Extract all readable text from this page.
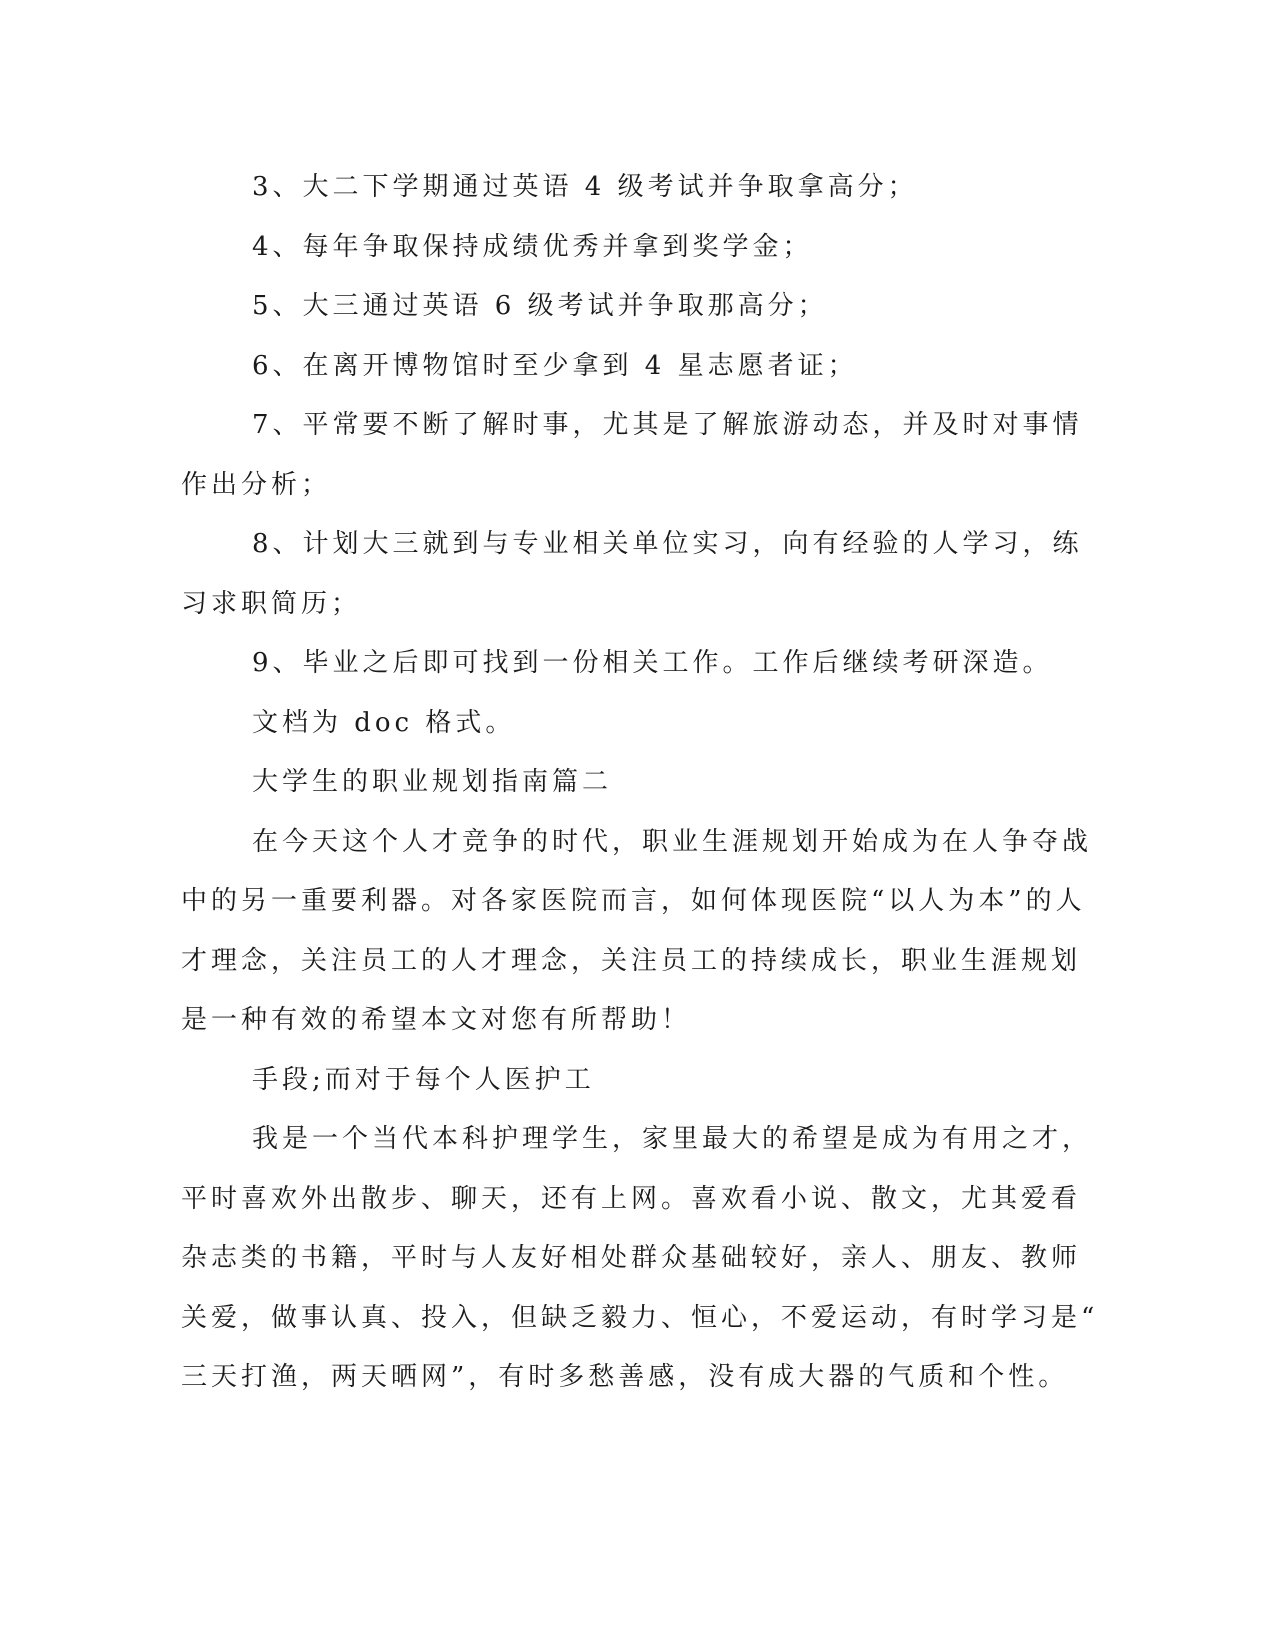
3、大二下学期通过英语 4 级考试并争取拿高分；

4、每年争取保持成绩优秀并拿到奖学金；

5、大三通过英语 6 级考试并争取那高分；

6、在离开博物馆时至少拿到 4 星志愿者证；

7、平常要不断了解时事，尤其是了解旅游动态，并及时对事情

作出分析；

8、计划大三就到与专业相关单位实习，向有经验的人学习，练

习求职简历；

9、毕业之后即可找到一份相关工作。工作后继续考研深造。

文档为 doc 格式。

大学生的职业规划指南篇二

在今天这个人才竞争的时代，职业生涯规划开始成为在人争夺战

中的另一重要利器。对各家医院而言，如何体现医院“以人为本”的人

才理念，关注员工的人才理念，关注员工的持续成长，职业生涯规划

是一种有效的希望本文对您有所帮助！

手段;而对于每个人医护工

我是一个当代本科护理学生，家里最大的希望是成为有用之才，

平时喜欢外出散步、聊天，还有上网。喜欢看小说、散文，尤其爱看

杂志类的书籍，平时与人友好相处群众基础较好，亲人、朋友、教师

关爱，做事认真、投入，但缺乏毅力、恒心，不爱运动，有时学习是“

三天打渔，两天晒网”，有时多愁善感，没有成大器的气质和个性。
